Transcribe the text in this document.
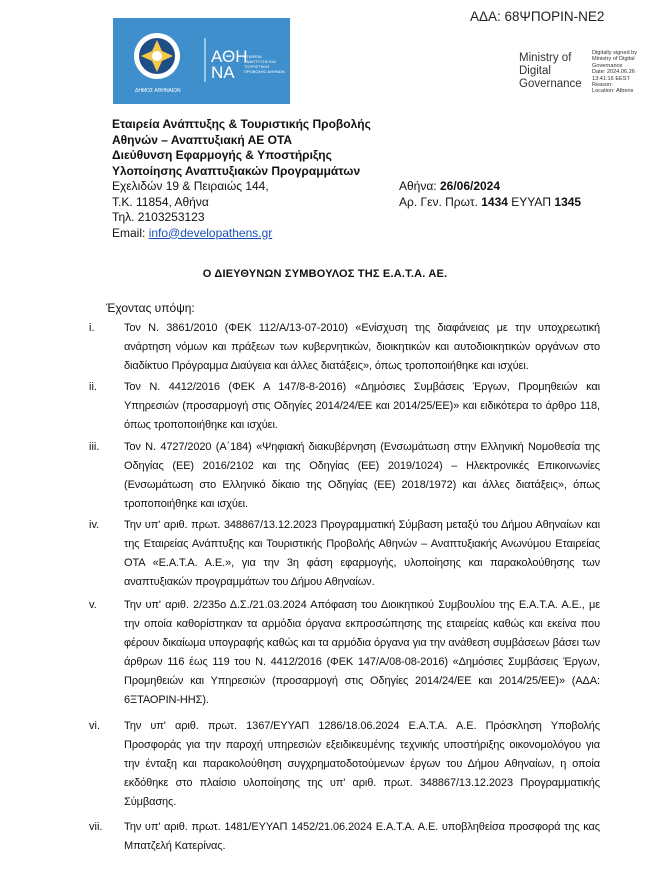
ΑΔΑ: 68ΨΠΟΡΙΝ-ΝΕ2
ΑΘΗ
ΝΑ
ΕΤΑΙΡΕΙΑ
ΑΝΑΠΤΥΞΗΣ ΚΑΙ
ΤΟΥΡΙΣΤΙΚΗΣ
ΠΡΟΒΟΛΗΣ ΑΘΗΝΩΝ
ΔΗΜΟΣ ΑΘΗΝΑΙΩΝ
Ministry of
Digital
Governance
Digitally signed by Ministry of Digital Governance
Date: 2024.06.26 13:41:16 EEST
Reason:
Location: Athens
Εταιρεία Ανάπτυξης & Τουριστικής Προβολής
Αθηνών – Αναπτυξιακή ΑΕ ΟΤΑ
Διεύθυνση Εφαρμογής & Υποστήριξης
Υλοποίησης Αναπτυξιακών Προγραμμάτων
Εχελιδών 19 & Πειραιώς 144,
Τ.Κ. 11854, Αθήνα
Τηλ. 2103253123
Email: info@developathens.gr
Αθήνα: 26/06/2024
Αρ. Γεν. Πρωτ. 1434 ΕΥΥΑΠ 1345
Ο ΔΙΕΥΘΥΝΩΝ ΣΥΜΒΟΥΛΟΣ ΤΗΣ Ε.Α.Τ.Α. ΑΕ.
Έχοντας υπόψη:
i.	Τον Ν. 3861/2010 (ΦΕΚ 112/Α/13-07-2010) «Ενίσχυση της διαφάνειας με την υποχρεωτική ανάρτηση νόμων και πράξεων των κυβερνητικών, διοικητικών και αυτοδιοικητικών οργάνων στο διαδίκτυο Πρόγραμμα Διαύγεια και άλλες διατάξεις», όπως τροποποιήθηκε και ισχύει.
ii. Τον Ν. 4412/2016 (ΦΕΚ Α 147/8-8-2016) «Δημόσιες Συμβάσεις Έργων, Προμηθειών και Υπηρεσιών (προσαρμογή στις Οδηγίες 2014/24/ΕΕ και 2014/25/ΕΕ)» και ειδικότερα το άρθρο 118, όπως τροποποιήθηκε και ισχύει.
iii. Τον Ν. 4727/2020 (Α΄184) «Ψηφιακή διακυβέρνηση (Ενσωμάτωση στην Ελληνική Νομοθεσία της Οδηγίας (ΕΕ) 2016/2102 και της Οδηγίας (ΕΕ) 2019/1024) – Ηλεκτρονικές Επικοινωνίες (Ενσωμάτωση στο Ελληνικό δίκαιο της Οδηγίας (ΕΕ) 2018/1972) και άλλες διατάξεις», όπως τροποποιήθηκε και ισχύει.
iv. Την υπ' αριθ. πρωτ. 348867/13.12.2023 Προγραμματική Σύμβαση μεταξύ του Δήμου Αθηναίων και της Εταιρείας Ανάπτυξης και Τουριστικής Προβολής Αθηνών – Αναπτυξιακής Ανωνύμου Εταιρείας ΟΤΑ «Ε.Α.Τ.Α. Α.Ε.», για την 3η φάση εφαρμογής, υλοποίησης και παρακολούθησης των αναπτυξιακών προγραμμάτων του Δήμου Αθηναίων.
v. Την υπ' αριθ. 2/235ο Δ.Σ./21.03.2024 Απόφαση του Διοικητικού Συμβουλίου της Ε.Α.Τ.Α. Α.Ε., με την οποία καθορίστηκαν τα αρμόδια όργανα εκπροσώπησης της εταιρείας καθώς και εκείνα που φέρουν δικαίωμα υπογραφής καθώς και τα αρμόδια όργανα για την ανάθεση συμβάσεων βάσει των άρθρων 116 έως 119 του Ν. 4412/2016 (ΦΕΚ 147/Α/08-08-2016) «Δημόσιες Συμβάσεις Έργων, Προμηθειών και Υπηρεσιών (προσαρμογή στις Οδηγίες 2014/24/ΕΕ και 2014/25/ΕΕ)» (ΑΔΑ: 6ΞΤΑΟΡΙΝ-ΗΗΣ).
vi. Την υπ' αριθ. πρωτ. 1367/ΕΥΥΑΠ 1286/18.06.2024 Ε.Α.Τ.Α. Α.Ε. Πρόσκληση Υποβολής Προσφοράς για την παροχή υπηρεσιών εξειδικευμένης τεχνικής υποστήριξης οικονομολόγου για την ένταξη και παρακολούθηση συγχρηματοδοτούμενων έργων του Δήμου Αθηναίων, η οποία εκδόθηκε στο πλαίσιο υλοποίησης της υπ' αριθ. πρωτ. 348867/13.12.2023 Προγραμματικής Σύμβασης.
vii. Την υπ' αριθ. πρωτ. 1481/ΕΥΥΑΠ 1452/21.06.2024 Ε.Α.Τ.Α. Α.Ε. υποβληθείσα προσφορά της κας Μπατζελή Κατερίνας.
